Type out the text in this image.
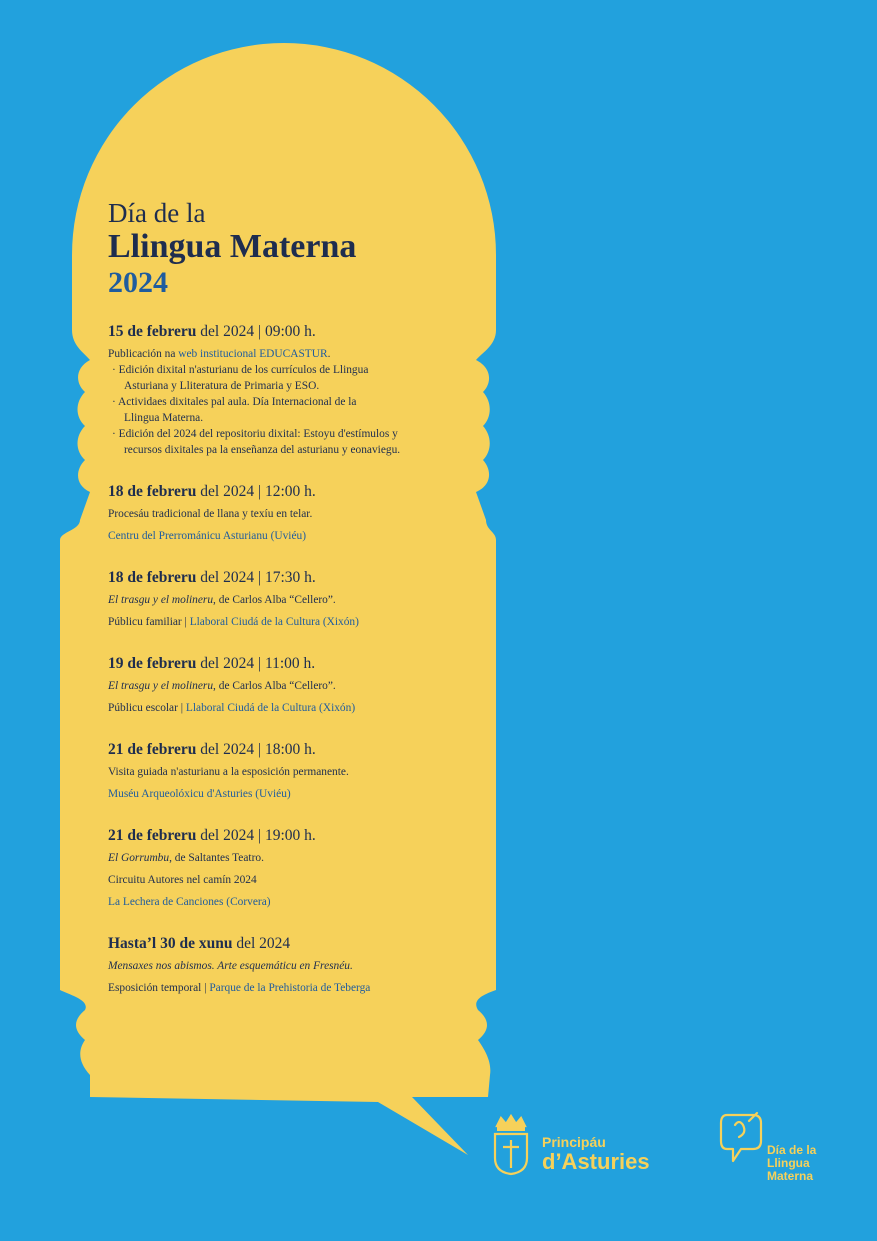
Día de la
Llingua Materna
2024
15 de febreru del 2024 | 09:00 h.
Publicación na web institucional EDUCASTUR.
· Edición dixital n'asturianu de los currículos de Llingua
Asturiana y Lliteratura de Primaria y ESO.
· Actividaes dixitales pal aula. Día Internacional de la
Llingua Materna.
· Edición del 2024 del repositoriu dixital: Estoyu d'estímulos y
recursos dixitales pa la enseñanza del asturianu y eonaviegu.
18 de febreru del 2024 | 12:00 h.
Procesáu tradicional de llana y texíu en telar.
Centru del Prerrománicu Asturianu (Uviéu)
18 de febreru del 2024 | 17:30 h.
El trasgu y el molineru, de Carlos Alba “Cellero”.
Públicu familiar | Llaboral Ciudá de la Cultura (Xixón)
19 de febreru del 2024 | 11:00 h.
El trasgu y el molineru, de Carlos Alba “Cellero”.
Públicu escolar | Llaboral Ciudá de la Cultura (Xixón)
21 de febreru del 2024 | 18:00 h.
Visita guiada n'asturianu a la esposición permanente.
Muséu Arqueolóxicu d'Asturies (Uviéu)
21 de febreru del 2024 | 19:00 h.
El Gorrumbu, de Saltantes Teatro.
Circuitu Autores nel camín 2024
La Lechera de Canciones (Corvera)
Hasta’l 30 de xunu del 2024
Mensaxes nos abismos. Arte esquemáticu en Fresnéu.
Esposición temporal | Parque de la Prehistoria de Teberga
Principáu
d’Asturies	Día de la
Llingua
Materna
